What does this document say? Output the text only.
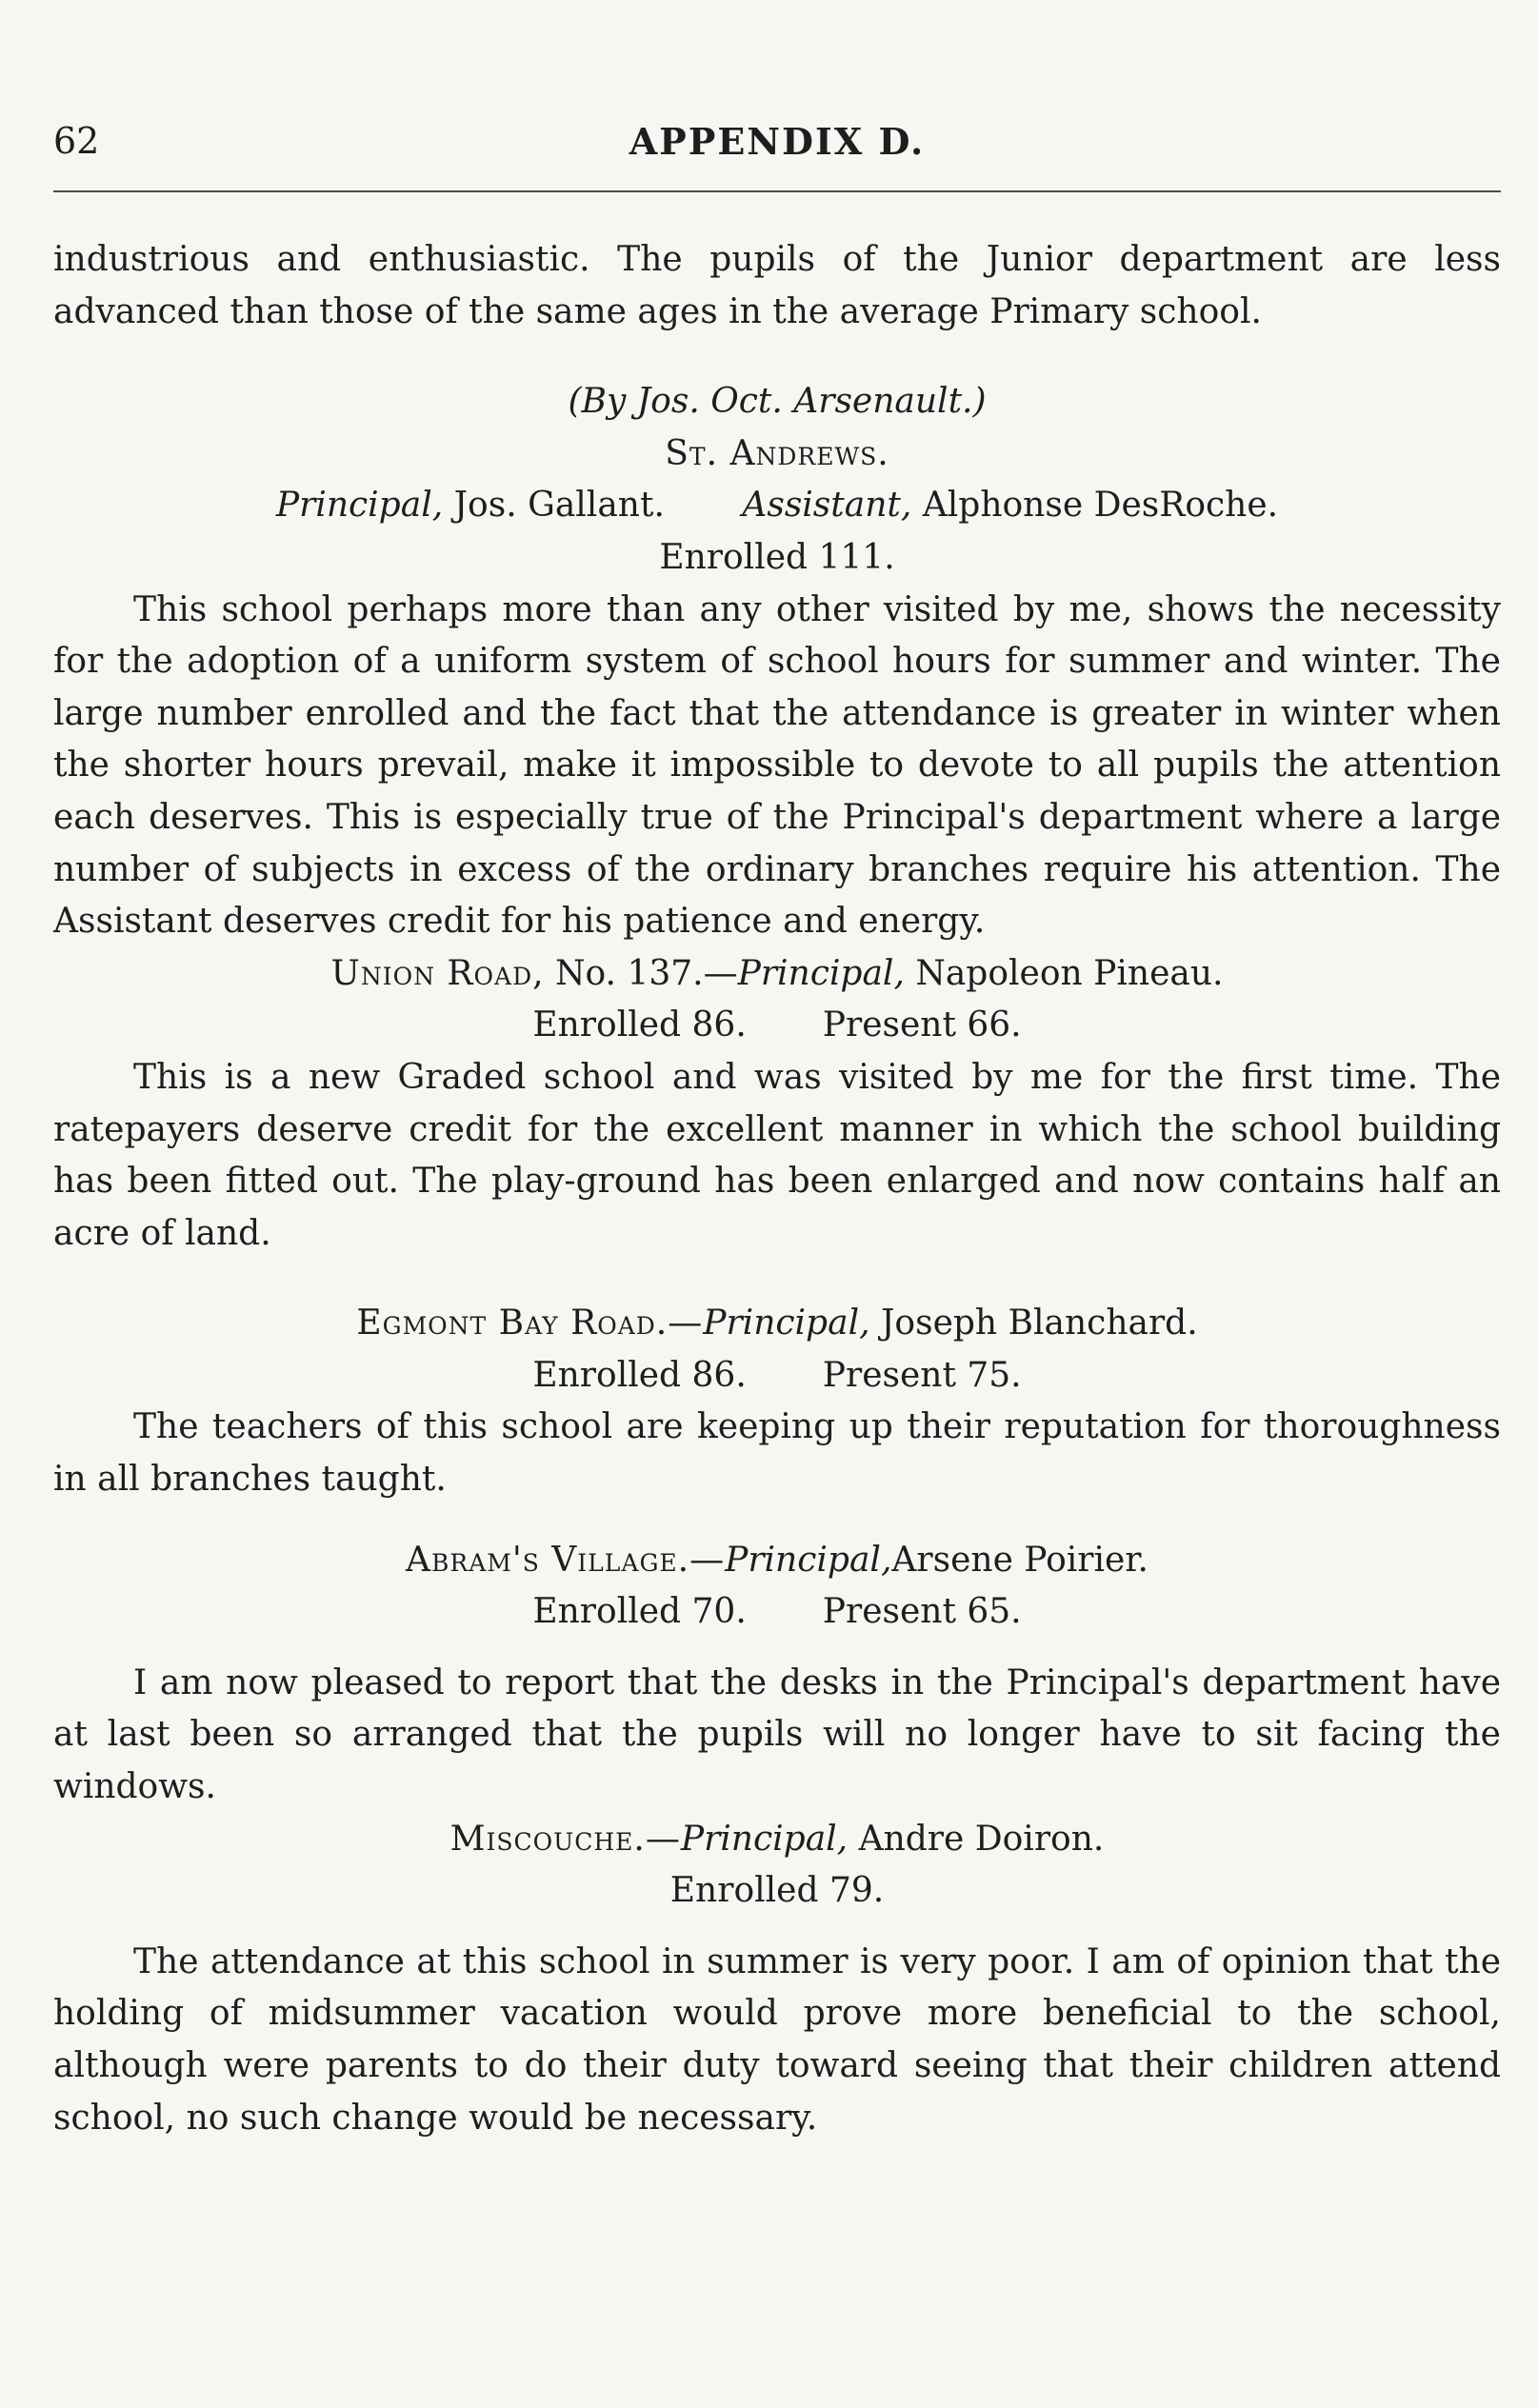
62	APPENDIX D.

industrious and enthusiastic. The pupils of the Junior department are less advanced than those of the same ages in the average Primary school.

(By Jos. Oct. Arsenault.)
St. Andrews.
Principal, Jos. Gallant. Assistant, Alphonse DesRoche.
Enrolled 111.

This school perhaps more than any other visited by me, shows the necessity for the adoption of a uniform system of school hours for summer and winter. The large number enrolled and the fact that the attendance is greater in winter when the shorter hours prevail, make it impossible to devote to all pupils the attention each deserves. This is especially true of the Principal's department where a large number of subjects in excess of the ordinary branches require his attention. The Assistant deserves credit for his patience and energy.

Union Road, No. 137.—Principal, Napoleon Pineau.
Enrolled 86. Present 66.

This is a new Graded school and was visited by me for the first time. The ratepayers deserve credit for the excellent manner in which the school building has been fitted out. The play-ground has been enlarged and now contains half an acre of land.

Egmont Bay Road.—Principal, Joseph Blanchard.
Enrolled 86. Present 75.

The teachers of this school are keeping up their reputation for thoroughness in all branches taught.

Abram's Village.—Principal,Arsene Poirier.
Enrolled 70. Present 65.

I am now pleased to report that the desks in the Principal's department have at last been so arranged that the pupils will no longer have to sit facing the windows.

Miscouche.—Principal, Andre Doiron.
Enrolled 79.

The attendance at this school in summer is very poor. I am of opinion that the holding of midsummer vacation would prove more beneficial to the school, although were parents to do their duty toward seeing that their children attend school, no such change would be necessary.
